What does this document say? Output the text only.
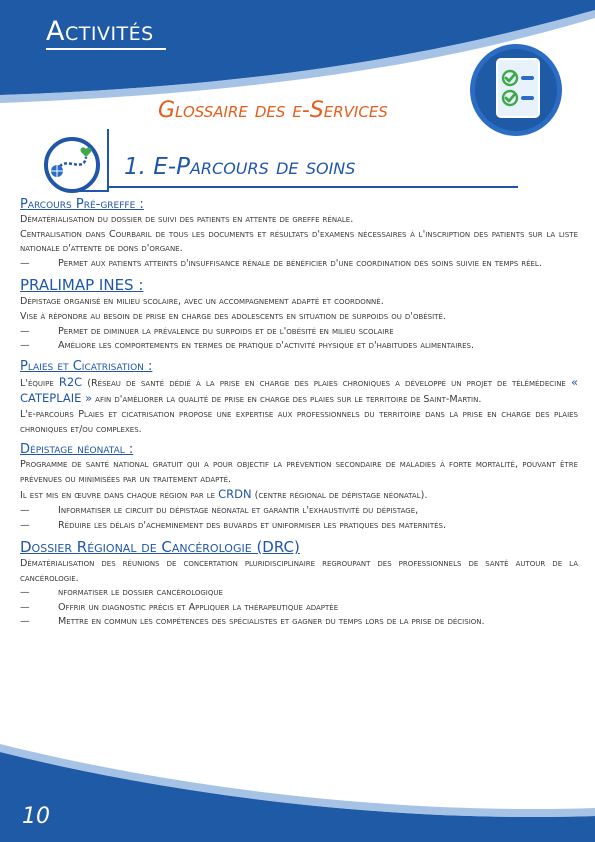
Activités
Glossaire des e-Services
1. E-Parcours de soins
Parcours Pré-greffe :

Dématérialisation du dossier de suivi des patients en attente de greffe rénale.

Centralisation dans Courbaril de tous les documents et résultats d'examens nécessaires à l'inscription des patients sur la liste nationale d'attente de dons d'organe.

—	Permet aux patients atteints d'insuffisance rénale de bénéficier d'une coordination des soins suivie en temps réel.
PRALIMAP INES :

Dépistage organisé en milieu scolaire, avec un accompagnement adapté et coordonné.

Vise à répondre au besoin de prise en charge des adolescents en situation de surpoids ou d'obésité.

—	Permet de diminuer la prévalence du surpoids et de l'obésité en milieu scolaire
—	Améliore les comportements en termes de pratique d'activité physique et d'habitudes alimentaires.
Plaies et Cicatrisation :

L'équipe R2C (Réseau de santé dédié à la prise en charge des plaies chroniques a développé un projet de télémédecine « CATEPLAIE » afin d'améliorer la qualité de prise en charge des plaies sur le territoire de Saint-Martin.

L'e-parcours Plaies et cicatrisation propose une expertise aux professionnels du territoire dans la prise en charge des plaies chroniques et/ou complexes.

Dépistage néonatal :

Programme de santé national gratuit qui a pour objectif la prévention secondaire de maladies à forte mortalité, pouvant être prévenues ou minimisées par un traitement adapté.

Il est mis en œuvre dans chaque région par le CRDN (centre régional de dépistage néonatal).

—	Informatiser le circuit du dépistage néonatal et garantir l'exhaustivité du dépistage,
—	Réduire les délais d'acheminement des buvards et uniformiser les pratiques des maternités.
Dossier Régional de Cancérologie (DRC)

Dématérialisation des réunions de concertation pluridisciplinaire regroupant des professionnels de santé autour de la cancérologie.

—	nformatiser le dossier cancérologique
—	Offrir un diagnostic précis et Appliquer la thérapeutique adaptée
—	Mettre en commun les compétences des spécialistes et gagner du temps lors de la prise de décision.
10
